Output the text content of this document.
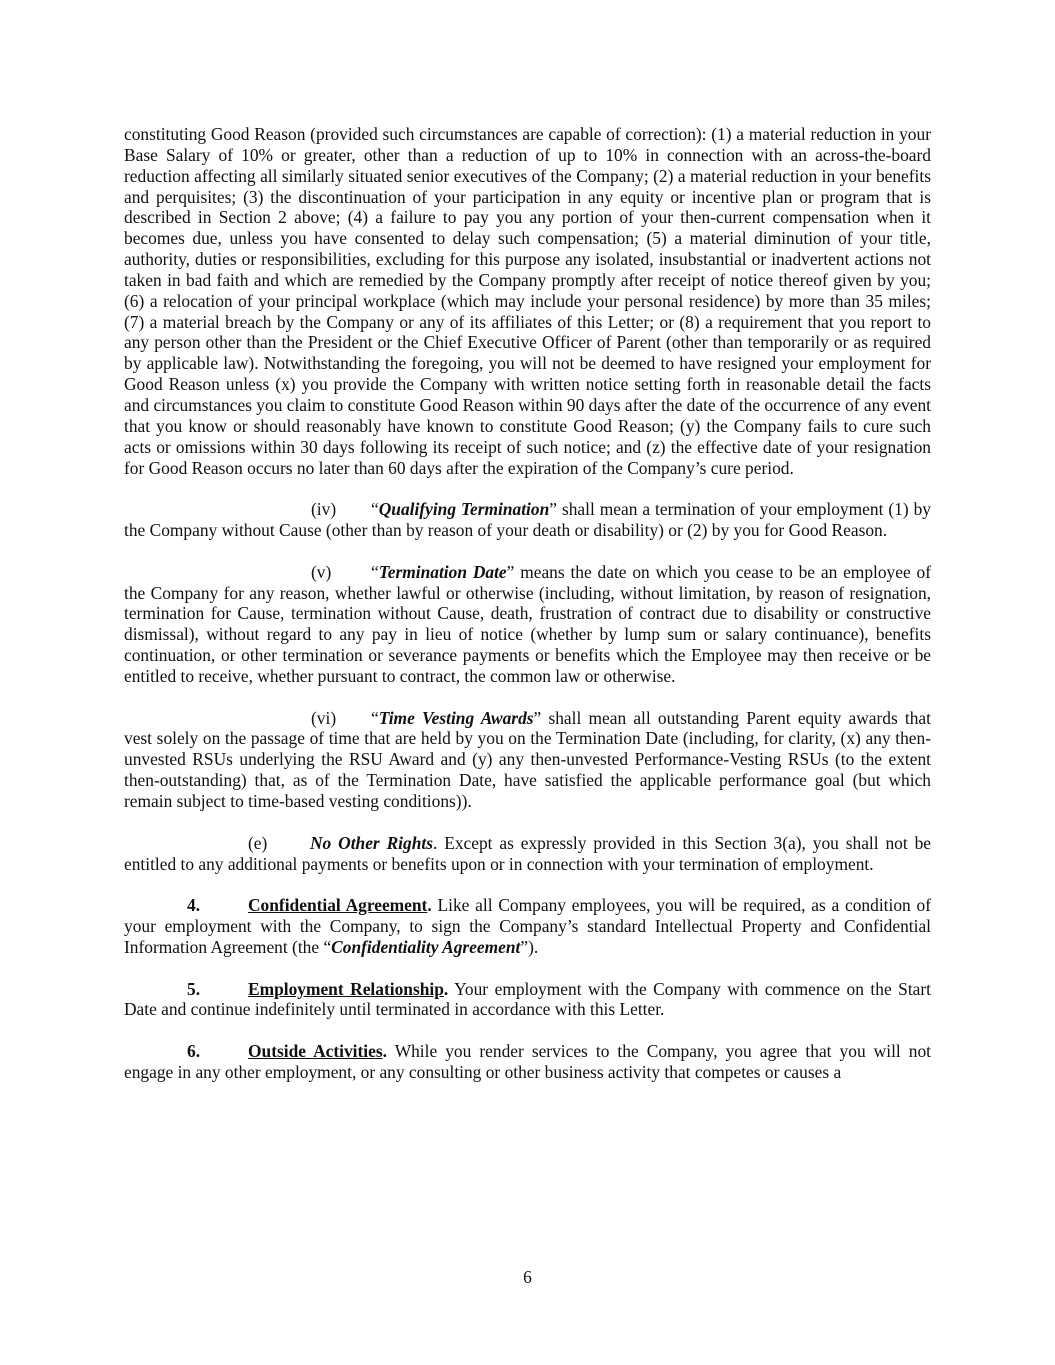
constituting Good Reason (provided such circumstances are capable of correction): (1) a material reduction in your Base Salary of 10% or greater, other than a reduction of up to 10% in connection with an across-the-board reduction affecting all similarly situated senior executives of the Company; (2) a material reduction in your benefits and perquisites; (3) the discontinuation of your participation in any equity or incentive plan or program that is described in Section 2 above; (4) a failure to pay you any portion of your then-current compensation when it becomes due, unless you have consented to delay such compensation; (5) a material diminution of your title, authority, duties or responsibilities, excluding for this purpose any isolated, insubstantial or inadvertent actions not taken in bad faith and which are remedied by the Company promptly after receipt of notice thereof given by you; (6) a relocation of your principal workplace (which may include your personal residence) by more than 35 miles; (7) a material breach by the Company or any of its affiliates of this Letter; or (8) a requirement that you report to any person other than the President or the Chief Executive Officer of Parent (other than temporarily or as required by applicable law). Notwithstanding the foregoing, you will not be deemed to have resigned your employment for Good Reason unless (x) you provide the Company with written notice setting forth in reasonable detail the facts and circumstances you claim to constitute Good Reason within 90 days after the date of the occurrence of any event that you know or should reasonably have known to constitute Good Reason; (y) the Company fails to cure such acts or omissions within 30 days following its receipt of such notice; and (z) the effective date of your resignation for Good Reason occurs no later than 60 days after the expiration of the Company’s cure period.

(iv) “Qualifying Termination” shall mean a termination of your employment (1) by the Company without Cause (other than by reason of your death or disability) or (2) by you for Good Reason.

(v) “Termination Date” means the date on which you cease to be an employee of the Company for any reason, whether lawful or otherwise (including, without limitation, by reason of resignation, termination for Cause, termination without Cause, death, frustration of contract due to disability or constructive dismissal), without regard to any pay in lieu of notice (whether by lump sum or salary continuance), benefits continuation, or other termination or severance payments or benefits which the Employee may then receive or be entitled to receive, whether pursuant to contract, the common law or otherwise.

(vi) “Time Vesting Awards” shall mean all outstanding Parent equity awards that vest solely on the passage of time that are held by you on the Termination Date (including, for clarity, (x) any then-unvested RSUs underlying the RSU Award and (y) any then-unvested Performance-Vesting RSUs (to the extent then-outstanding) that, as of the Termination Date, have satisfied the applicable performance goal (but which remain subject to time-based vesting conditions)).

(e) No Other Rights. Except as expressly provided in this Section 3(a), you shall not be entitled to any additional payments or benefits upon or in connection with your termination of employment.

4.	Confidential Agreement. Like all Company employees, you will be required, as a condition of your employment with the Company, to sign the Company’s standard Intellectual Property and Confidential Information Agreement (the “Confidentiality Agreement”).

5.	Employment Relationship. Your employment with the Company with commence on the Start Date and continue indefinitely until terminated in accordance with this Letter.

6.	Outside Activities. While you render services to the Company, you agree that you will not engage in any other employment, or any consulting or other business activity that competes or causes a

6
